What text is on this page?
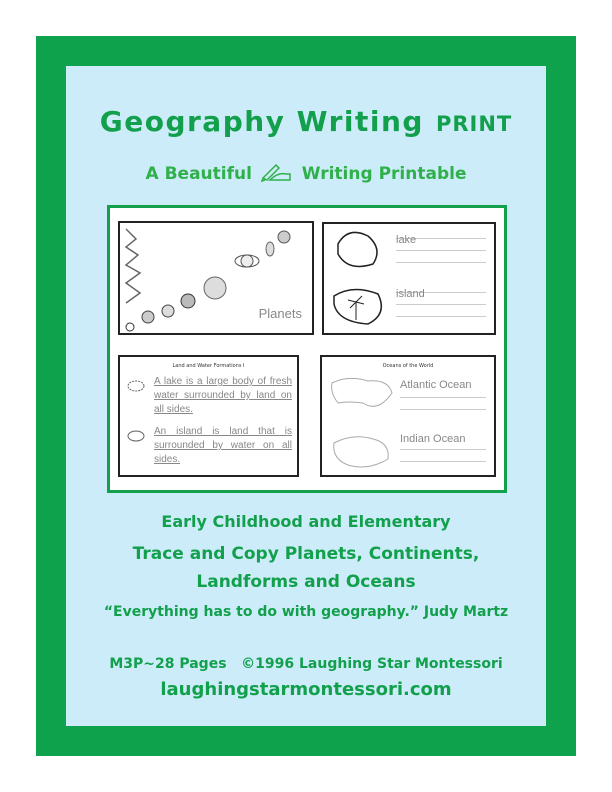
Geography Writing PRINT
A Beautiful	Writing Printable
Planets
lake
island
Land and Water Formations I
A lake is a large body of fresh water surrounded by land on all sides.
An island is land that is surrounded by water on all sides.
Oceans of the World
Atlantic Ocean
Indian Ocean
Early Childhood and Elementary
Trace and Copy Planets, Continents,
Landforms and Oceans
“Everything has to do with geography.” Judy Martz
M3P~28 Pages ©1996 Laughing Star Montessori
laughingstarmontessori.com
